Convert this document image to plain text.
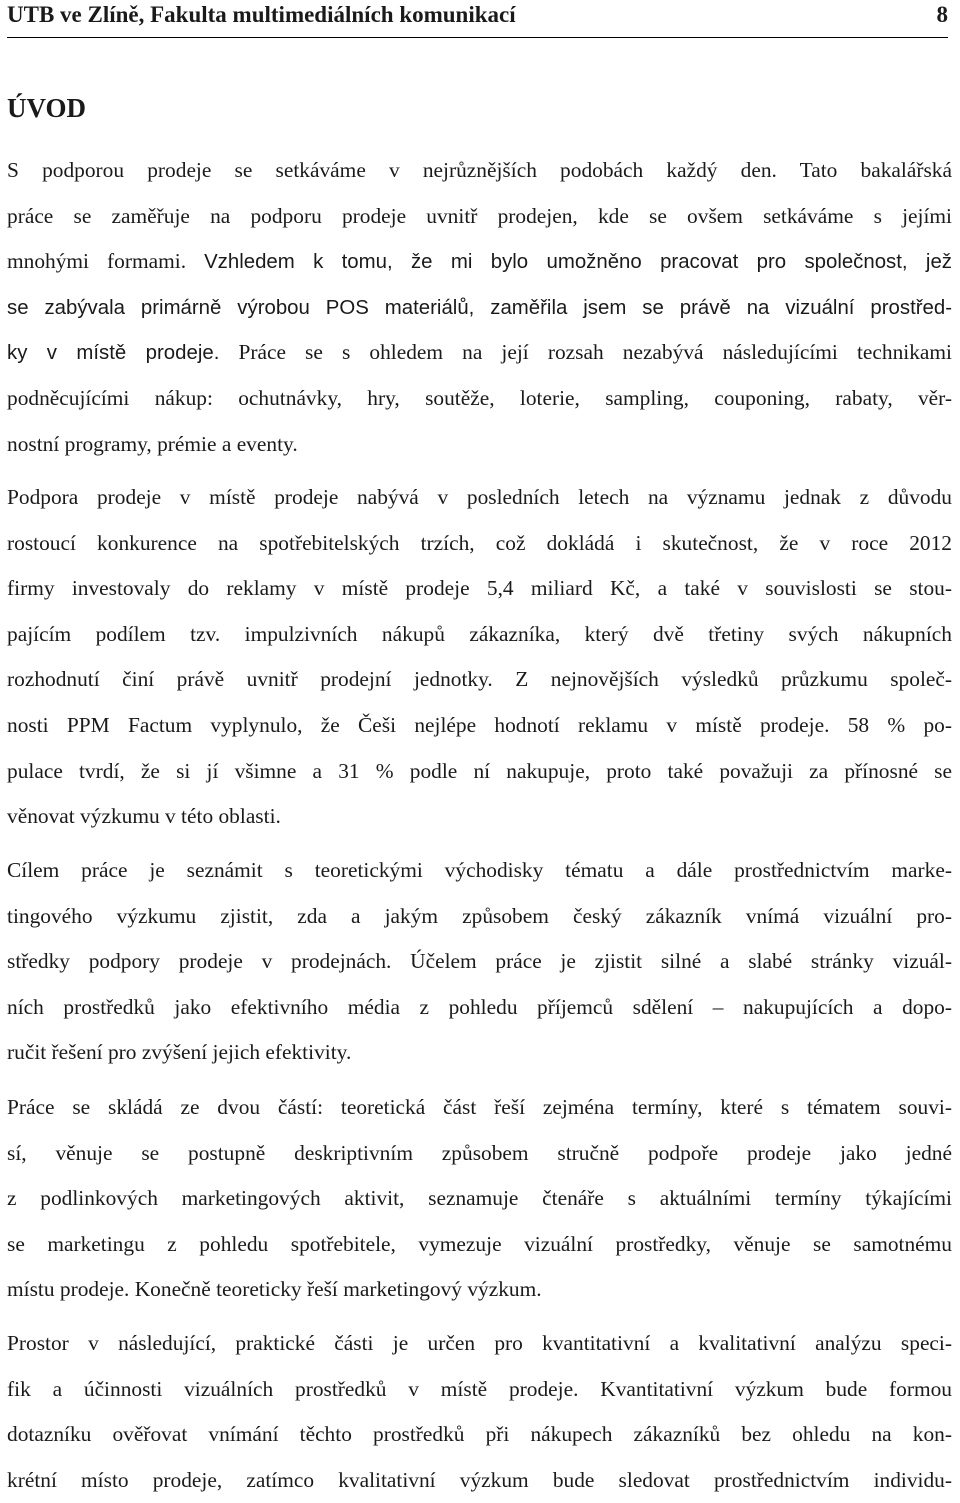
UTB ve Zlíně, Fakulta multimediálních komunikací	8
ÚVOD
S podporou prodeje se setkáváme v nejrůznějších podobách každý den. Tato bakalářská
práce se zaměřuje na podporu prodeje uvnitř prodejen, kde se ovšem setkáváme s jejími
mnohými formami. Vzhledem k tomu, že mi bylo umožněno pracovat pro společnost, jež
se zabývala primárně výrobou POS materiálů, zaměřila jsem se právě na vizuální prostřed-
ky v místě prodeje. Práce se s ohledem na její rozsah nezabývá následujícími technikami
podněcujícími nákup: ochutnávky, hry, soutěže, loterie, sampling, couponing, rabaty, věr-
nostní programy, prémie a eventy.
Podpora prodeje v místě prodeje nabývá v posledních letech na významu jednak z důvodu
rostoucí konkurence na spotřebitelských trzích, což dokládá i skutečnost, že v roce 2012
firmy investovaly do reklamy v místě prodeje 5,4 miliard Kč, a také v souvislosti se stou-
pajícím podílem tzv. impulzivních nákupů zákazníka, který dvě třetiny svých nákupních
rozhodnutí činí právě uvnitř prodejní jednotky. Z nejnovějších výsledků průzkumu společ-
nosti PPM Factum vyplynulo, že Češi nejlépe hodnotí reklamu v místě prodeje. 58 % po-
pulace tvrdí, že si jí všimne a 31 % podle ní nakupuje, proto také považuji za přínosné se
věnovat výzkumu v této oblasti.
Cílem práce je seznámit s teoretickými východisky tématu a dále prostřednictvím marke-
tingového výzkumu zjistit, zda a jakým způsobem český zákazník vnímá vizuální pro-
středky podpory prodeje v prodejnách. Účelem práce je zjistit silné a slabé stránky vizuál-
ních prostředků jako efektivního média z pohledu příjemců sdělení – nakupujících a dopo-
ručit řešení pro zvýšení jejich efektivity.
Práce se skládá ze dvou částí: teoretická část řeší zejména termíny, které s tématem souvi-
sí, věnuje se postupně deskriptivním způsobem stručně podpoře prodeje jako jedné
z podlinkových marketingových aktivit, seznamuje čtenáře s aktuálními termíny týkajícími
se marketingu z pohledu spotřebitele, vymezuje vizuální prostředky, věnuje se samotnému
místu prodeje. Konečně teoreticky řeší marketingový výzkum.
Prostor v následující, praktické části je určen pro kvantitativní a kvalitativní analýzu speci-
fik a účinnosti vizuálních prostředků v místě prodeje. Kvantitativní výzkum bude formou
dotazníku ověřovat vnímání těchto prostředků při nákupech zákazníků bez ohledu na kon-
krétní místo prodeje, zatímco kvalitativní výzkum bude sledovat prostřednictvím individu-
